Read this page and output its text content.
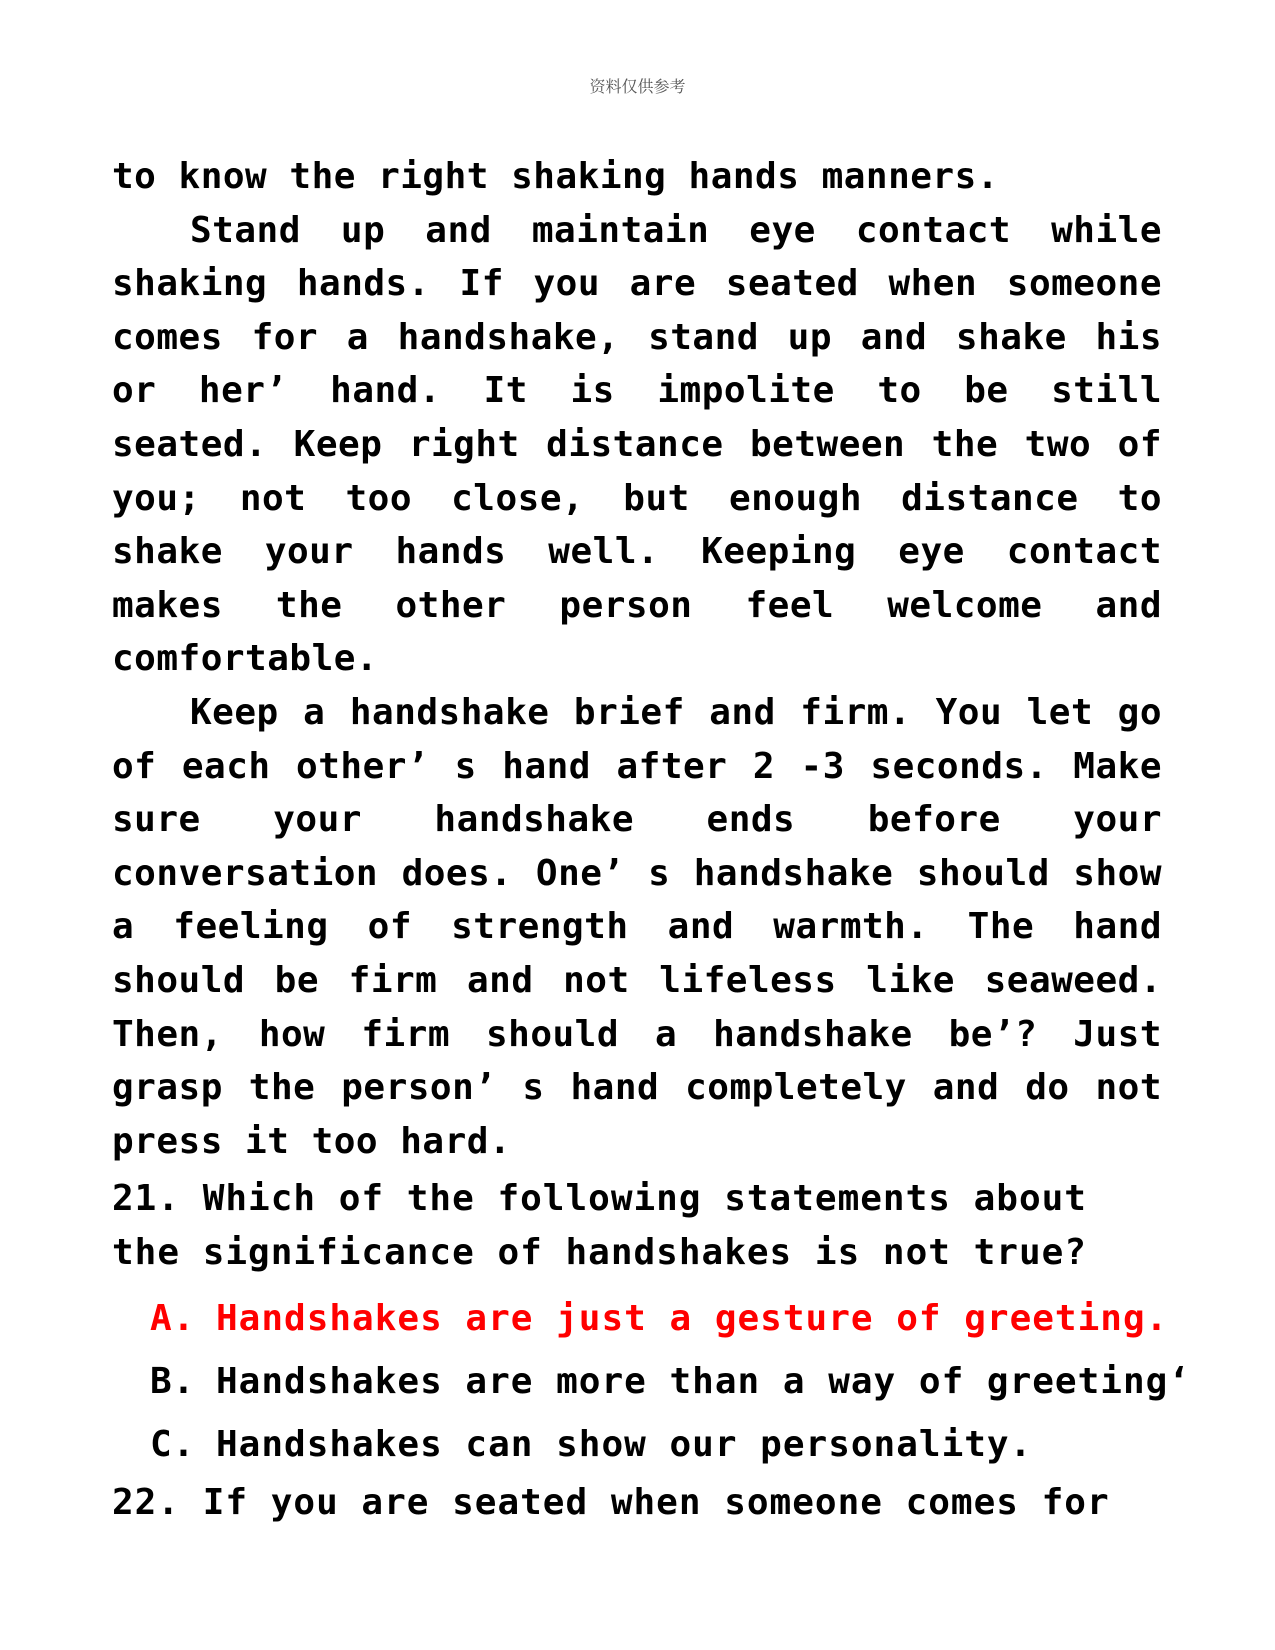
资料仅供参考

to know the right shaking hands manners.

Stand up and maintain eye contact while shaking hands. If you are seated when someone comes for a handshake, stand up and shake his or her’ hand. It is impolite to be still seated. Keep right distance between the two of you; not too close, but enough distance to shake your hands well. Keeping eye contact makes the other person feel welcome and comfortable.

Keep a handshake brief and firm. You let go of each other’ s hand after 2 -3 seconds. Make sure your handshake ends before your conversation does. One’ s handshake should show a feeling of strength and warmth. The hand should be firm and not lifeless like seaweed. Then, how firm should a handshake be’? Just grasp the person’ s hand completely and do not press it too hard.

21. Which of the following statements about the significance of handshakes is not true?

A. Handshakes are just a gesture of greeting.
B. Handshakes are more than a way of greeting‘
C. Handshakes can show our personality.

22. If you are seated when someone comes for
